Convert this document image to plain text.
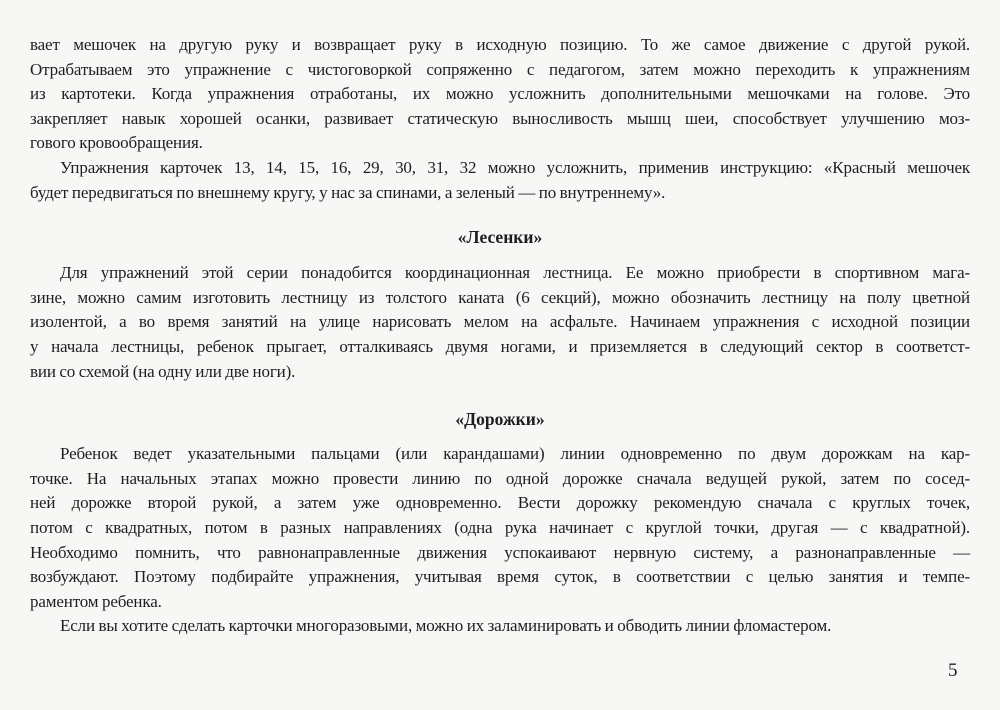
вает мешочек на другую руку и возвращает руку в исходную позицию. То же самое движение с другой рукой.
Отрабатываем это упражнение с чистоговоркой сопряженно с педагогом, затем можно переходить к упражнениям
из картотеки. Когда упражнения отработаны, их можно усложнить дополнительными мешочками на голове. Это
закрепляет навык хорошей осанки, развивает статическую выносливость мышц шеи, способствует улучшению моз-
гового кровообращения.
Упражнения карточек 13, 14, 15, 16, 29, 30, 31, 32 можно усложнить, применив инструкцию: «Красный мешочек
будет передвигаться по внешнему кругу, у нас за спинами, а зеленый — по внутреннему».
«Лесенки»
Для упражнений этой серии понадобится координационная лестница. Ее можно приобрести в спортивном мага-
зине, можно самим изготовить лестницу из толстого каната (6 секций), можно обозначить лестницу на полу цветной
изолентой, а во время занятий на улице нарисовать мелом на асфальте. Начинаем упражнения с исходной позиции
у начала лестницы, ребенок прыгает, отталкиваясь двумя ногами, и приземляется в следующий сектор в соответст-
вии со схемой (на одну или две ноги).
«Дорожки»
Ребенок ведет указательными пальцами (или карандашами) линии одновременно по двум дорожкам на кар-
точке. На начальных этапах можно провести линию по одной дорожке сначала ведущей рукой, затем по сосед-
ней дорожке второй рукой, а затем уже одновременно. Вести дорожку рекомендую сначала с круглых точек,
потом с квадратных, потом в разных направлениях (одна рука начинает с круглой точки, другая — с квадратной).
Необходимо помнить, что равнонаправленные движения успокаивают нервную систему, а разнонаправленные —
возбуждают. Поэтому подбирайте упражнения, учитывая время суток, в соответствии с целью занятия и темпе-
раментом ребенка.
Если вы хотите сделать карточки многоразовыми, можно их заламинировать и обводить линии фломастером.
5
